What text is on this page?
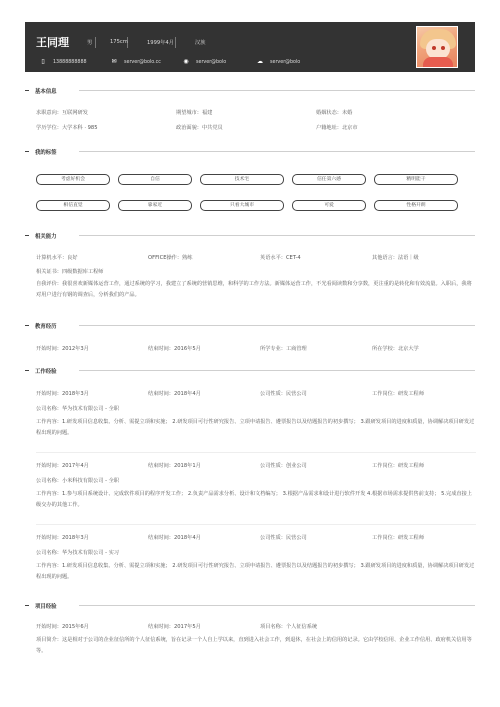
王同理	男	175cm	1999年4月	汉族
▯ 13888888888	✉ server@bolo.cc	◉ server@bolo	☁ server@bolo
基本信息
求职意向：互联网研发	期望城市：福建	婚姻状态：未婚
学历学位：大学本科 · 985	政治面貌：中共党员	户籍地址：北京市
我的标签
考虑好机会	自信	技术宅	信任第六感	精明能干
相信直觉	靠家近	只看大城市	可爱	性格开朗
相关能力
计算机水平：良好	OFFICE操作：熟练	英语水平：CET-4	其他语言：法语｜级
相关证书：四级数据库工程师
自我评价：我很喜欢新媒体运营工作，通过系统的学习，我建立了系统的营销思维，和科学的工作方法。新媒体运营工作，不光看阅读数和分享数，更注重的是转化和有效流量。入职后，我将对用户进行有钢的调查后，分析我们的产品。
教育经历
开始时间：2012年3月	结束时间：2016年5月	所学专业：工商管理	所在学校：北京大学
工作经验
开始时间：2018年3月	结束时间：2018年4月	公司性质：民营公司	工作岗位：研发工程师
公司名称：华为技术有限公司 - 全职
工作内容：1.研发项目信息收集、分析、需提立项和实施； 2.研发项目可行性研究报告、立项申请报告、遴票报告以及结题报告的初步撰写； 3.跟研发项目的进度和质量，协调解决项目研发过程出现的问题。
开始时间：2017年4月	结束时间：2018年1月	公司性质：创业公司	工作岗位：研发工程师
公司名称：小米科技有限公司 - 全职
工作内容：1.参与项目系统设计、完成软件项目的程序开发工作； 2.负责产品需求分析、设计和文档编写； 3.根据产品需求和设计进行软件开发 4.根据市场需求提供售前支持； 5.完成直接上级交办的其他工作。
开始时间：2018年3月	结束时间：2018年4月	公司性质：民营公司	工作岗位：研发工程师
公司名称：华为技术有限公司 - 实习
工作内容：1.研发项目信息收集、分析、需提立项和实施； 2.研发项目可行性研究报告、立项申请报告、遴票报告以及结题报告的初步撰写； 3.跟研发项目的进度和质量，协调解决项目研发过程出现的问题。
项目经验
开始时间：2015年6月	结束时间：2017年5月	项目名称：个人征信系统
项目简介：这是相对于公司的企业征信所的个人征信系统，旨在记录一个人自上学以来，直到进入社会工作，到退休，在社会上的信用的记录。它由学校信用、企业工作信用、政府机关信用等等。
